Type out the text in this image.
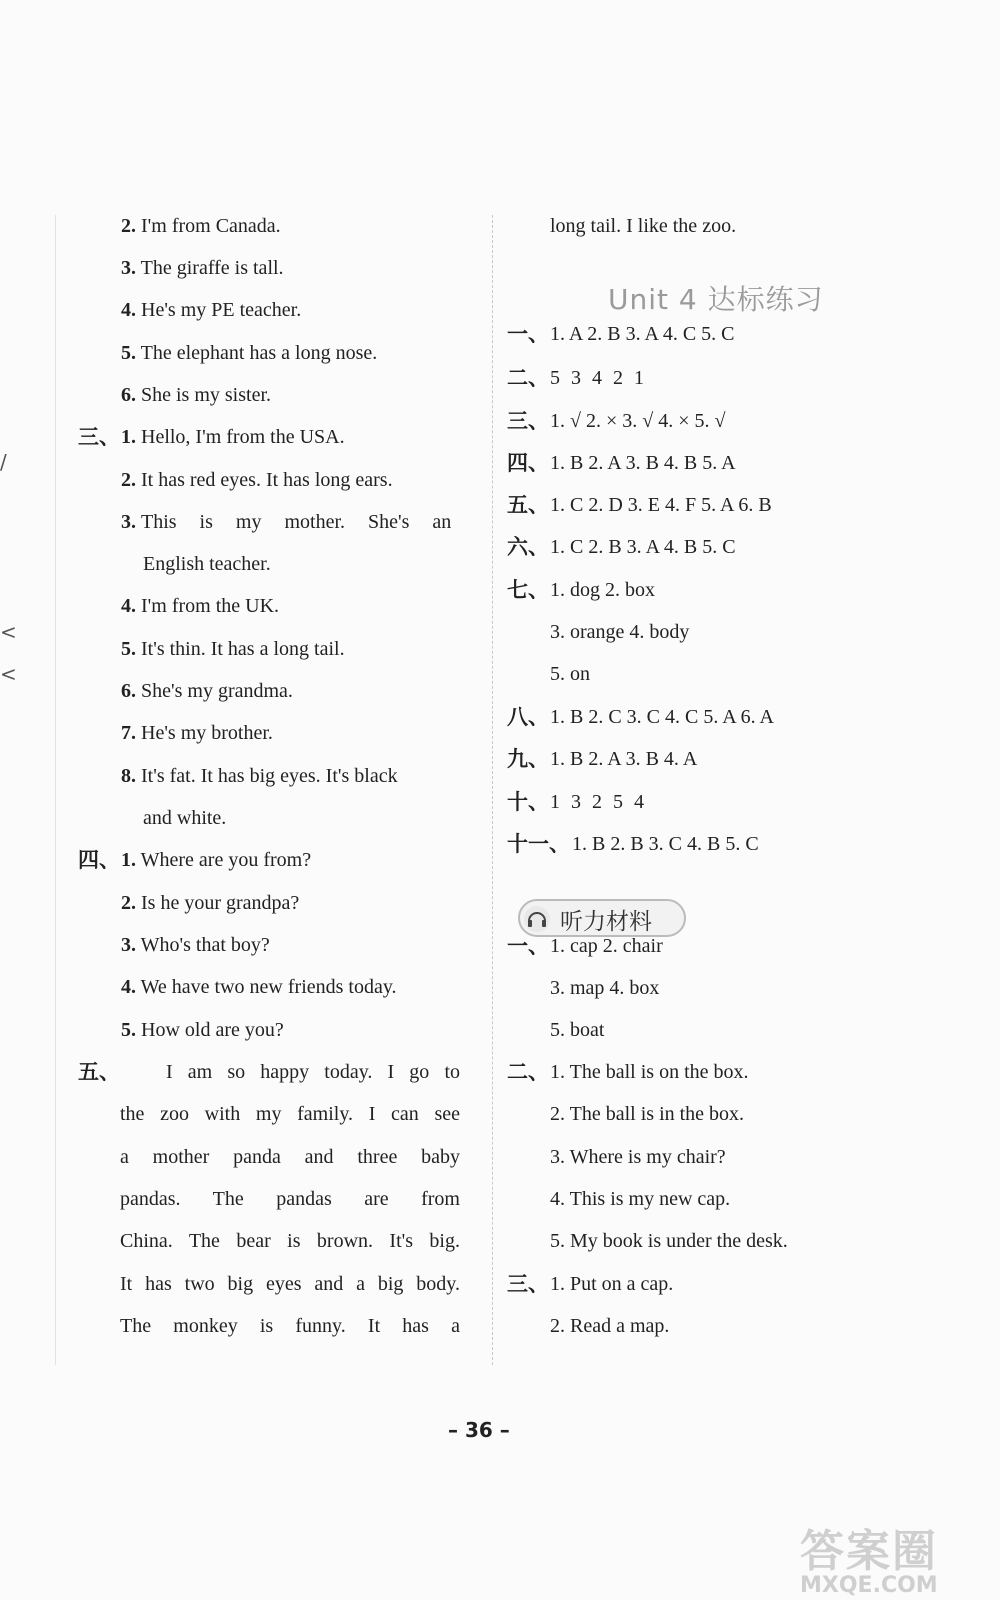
/
<
<
2. I'm from Canada.
3. The giraffe is tall.
4. He's my PE teacher.
5. The elephant has a long nose.
6. She is my sister.
三、 1. Hello, I'm from the USA.
2. It has red eyes. It has long ears.
3. This is my mother. She's an
English teacher.
4. I'm from the UK.
5. It's thin. It has a long tail.
6. She's my grandma.
7. He's my brother.
8. It's fat. It has big eyes. It's black
and white.
四、 1. Where are you from?
2. Is he your grandpa?
3. Who's that boy?
4. We have two new friends today.
5. How old are you?
五、 I am so happy today. I go to
the zoo with my family. I can see
a mother panda and three baby
pandas. The pandas are from
China. The bear is brown. It's big.
It has two big eyes and a big body.
The monkey is funny. It has a
long tail. I like the zoo.
Unit 4 达标练习
一、 1. A 2. B 3. A 4. C 5. C
二、 5 3 4 2 1
三、 1. √ 2. × 3. √ 4. × 5. √
四、 1. B 2. A 3. B 4. B 5. A
五、 1. C 2. D 3. E 4. F 5. A 6. B
六、 1. C 2. B 3. A 4. B 5. C
七、 1. dog 2. box
3. orange 4. body
5. on
八、 1. B 2. C 3. C 4. C 5. A 6. A
九、 1. B 2. A 3. B 4. A
十、 1 3 2 5 4
十一、 1. B 2. B 3. C 4. B 5. C
听力材料
一、 1. cap 2. chair
3. map 4. box
5. boat
二、 1. The ball is on the box.
2. The ball is in the box.
3. Where is my chair?
4. This is my new cap.
5. My book is under the desk.
三、 1. Put on a cap.
2. Read a map.
– 36 –
答案圈
MXQE.COM
